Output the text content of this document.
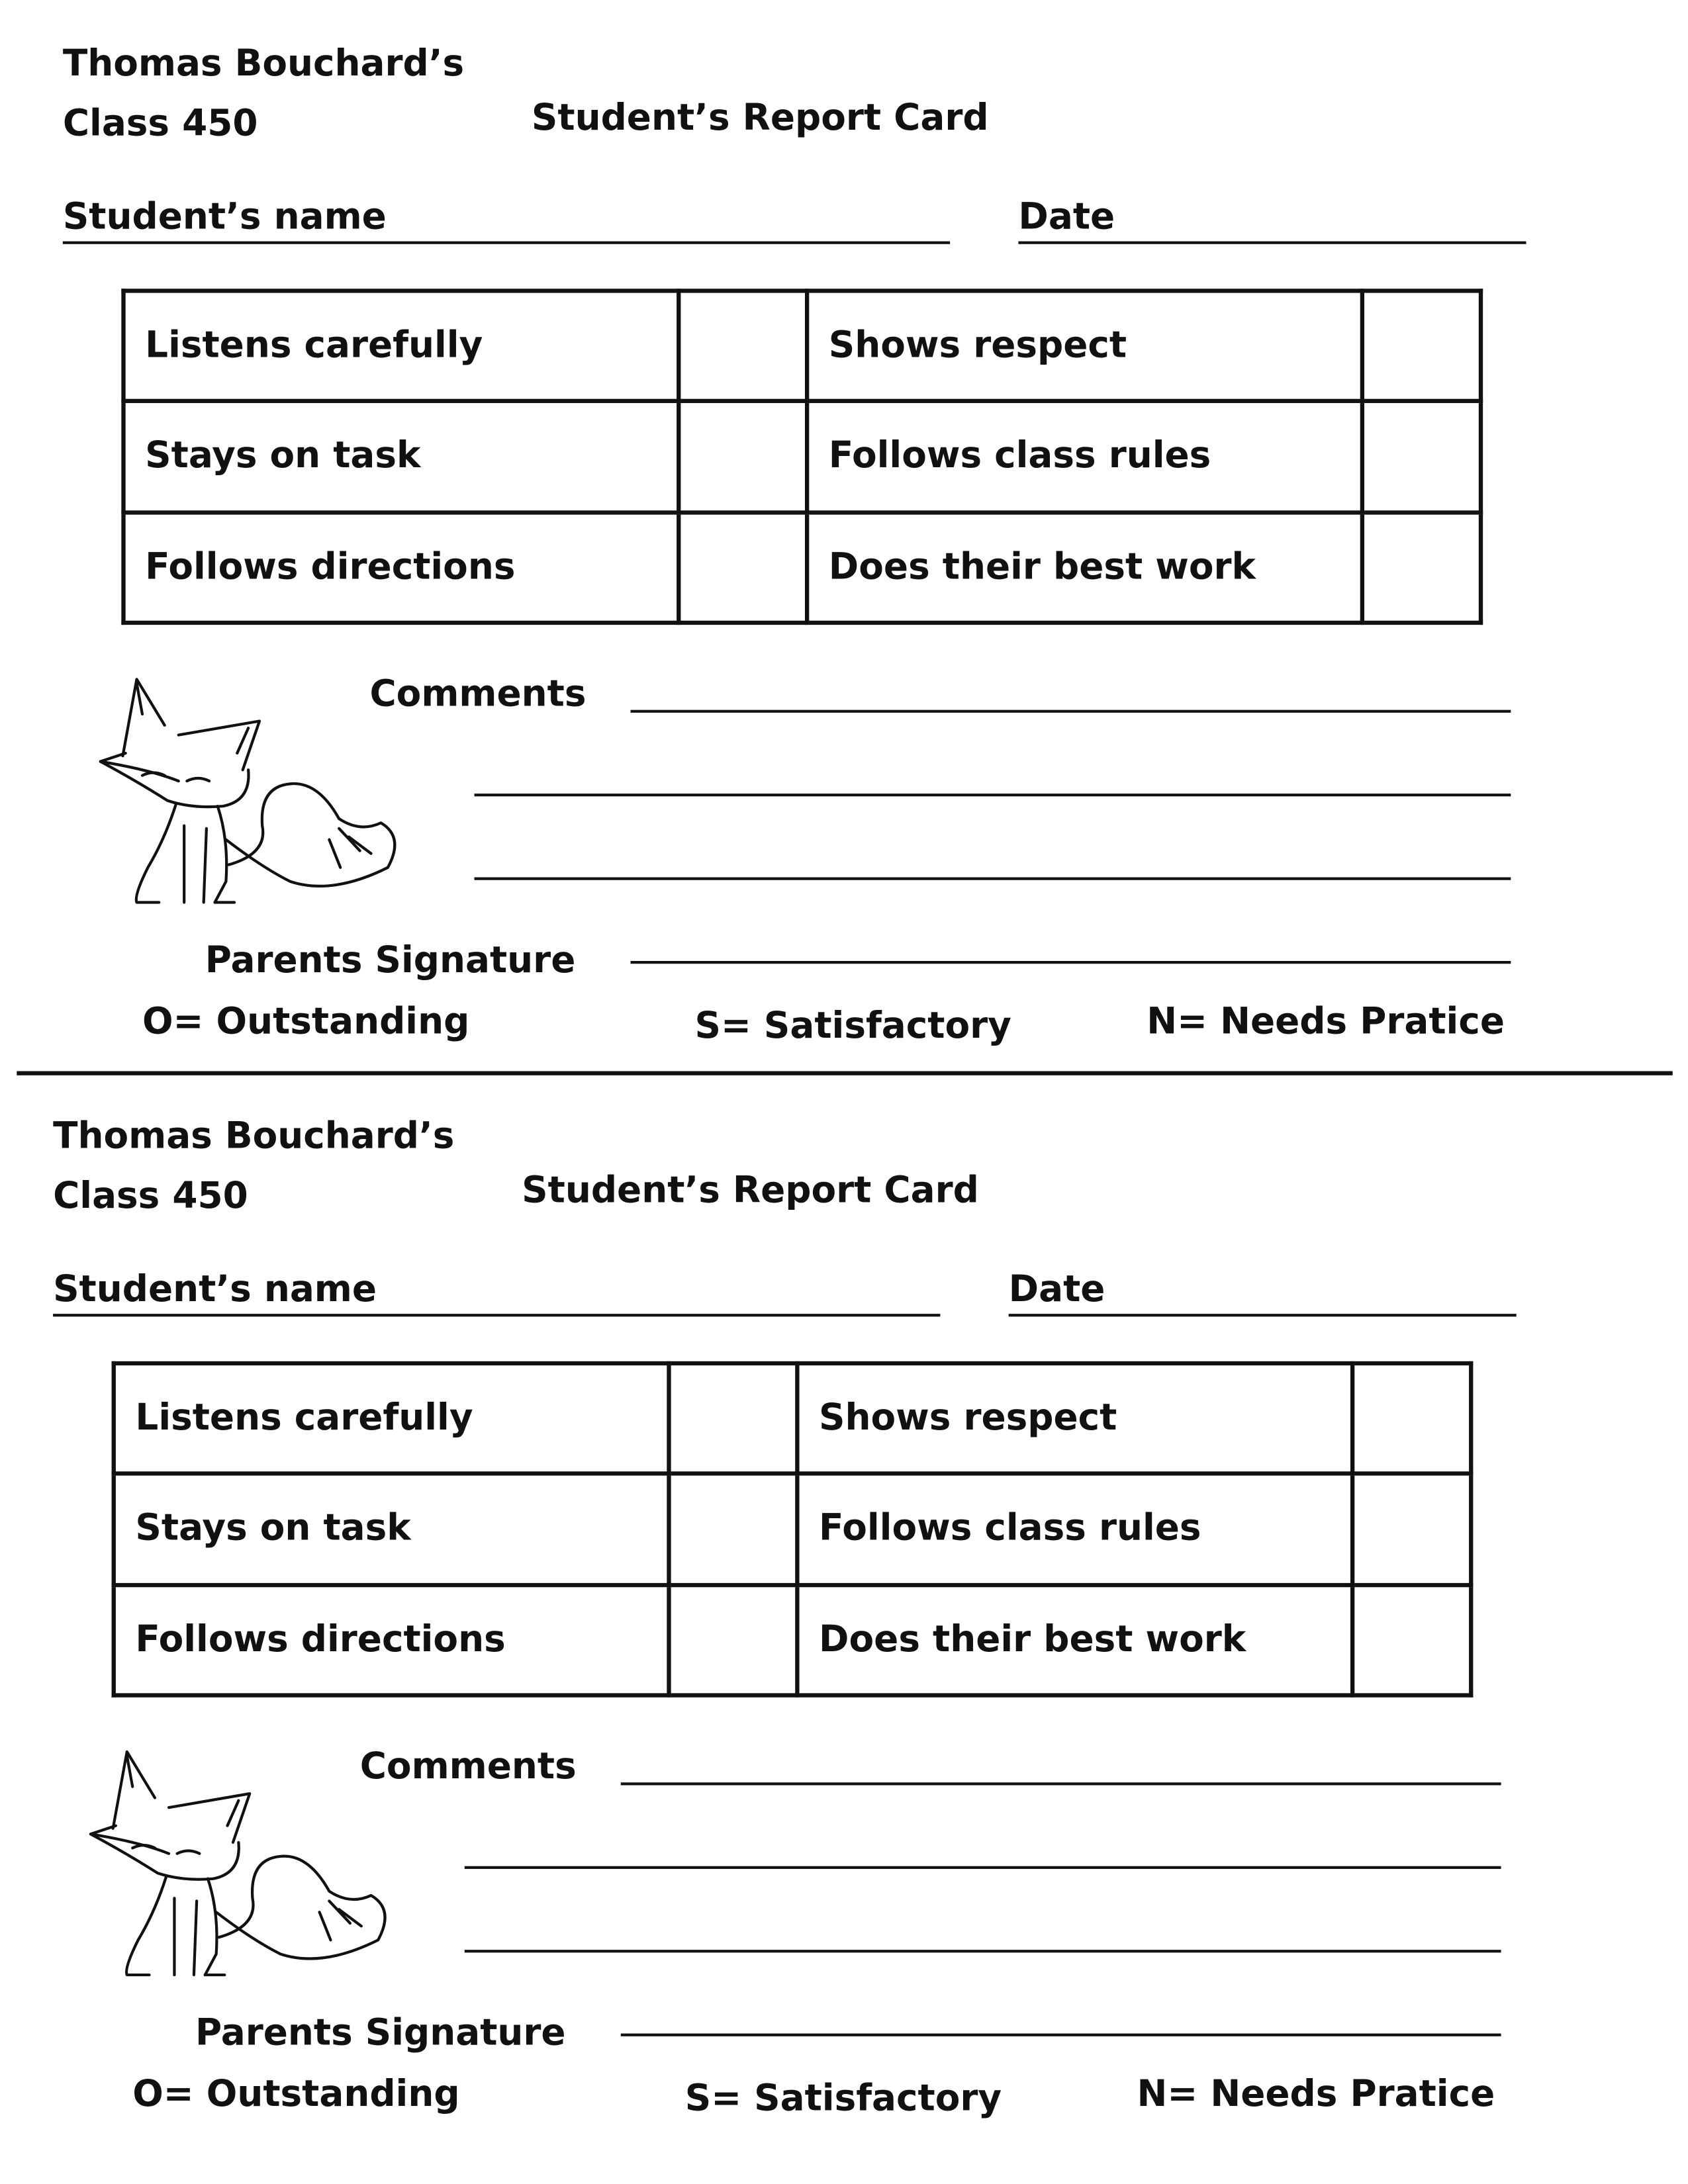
Thomas Bouchard’s
Class 450	Student’s Report Card
Student’s name	Date
Listens carefully		Shows respect	
Stays on task		Follows class rules	
Follows directions		Does their best work	
Comments
Parents Signature
O= Outstanding	S= Satisfactory	N= Needs Pratice
Thomas Bouchard’s
Class 450	Student’s Report Card
Student’s name	Date
Listens carefully		Shows respect	
Stays on task		Follows class rules	
Follows directions		Does their best work	
Comments
Parents Signature
O= Outstanding	S= Satisfactory	N= Needs Pratice
